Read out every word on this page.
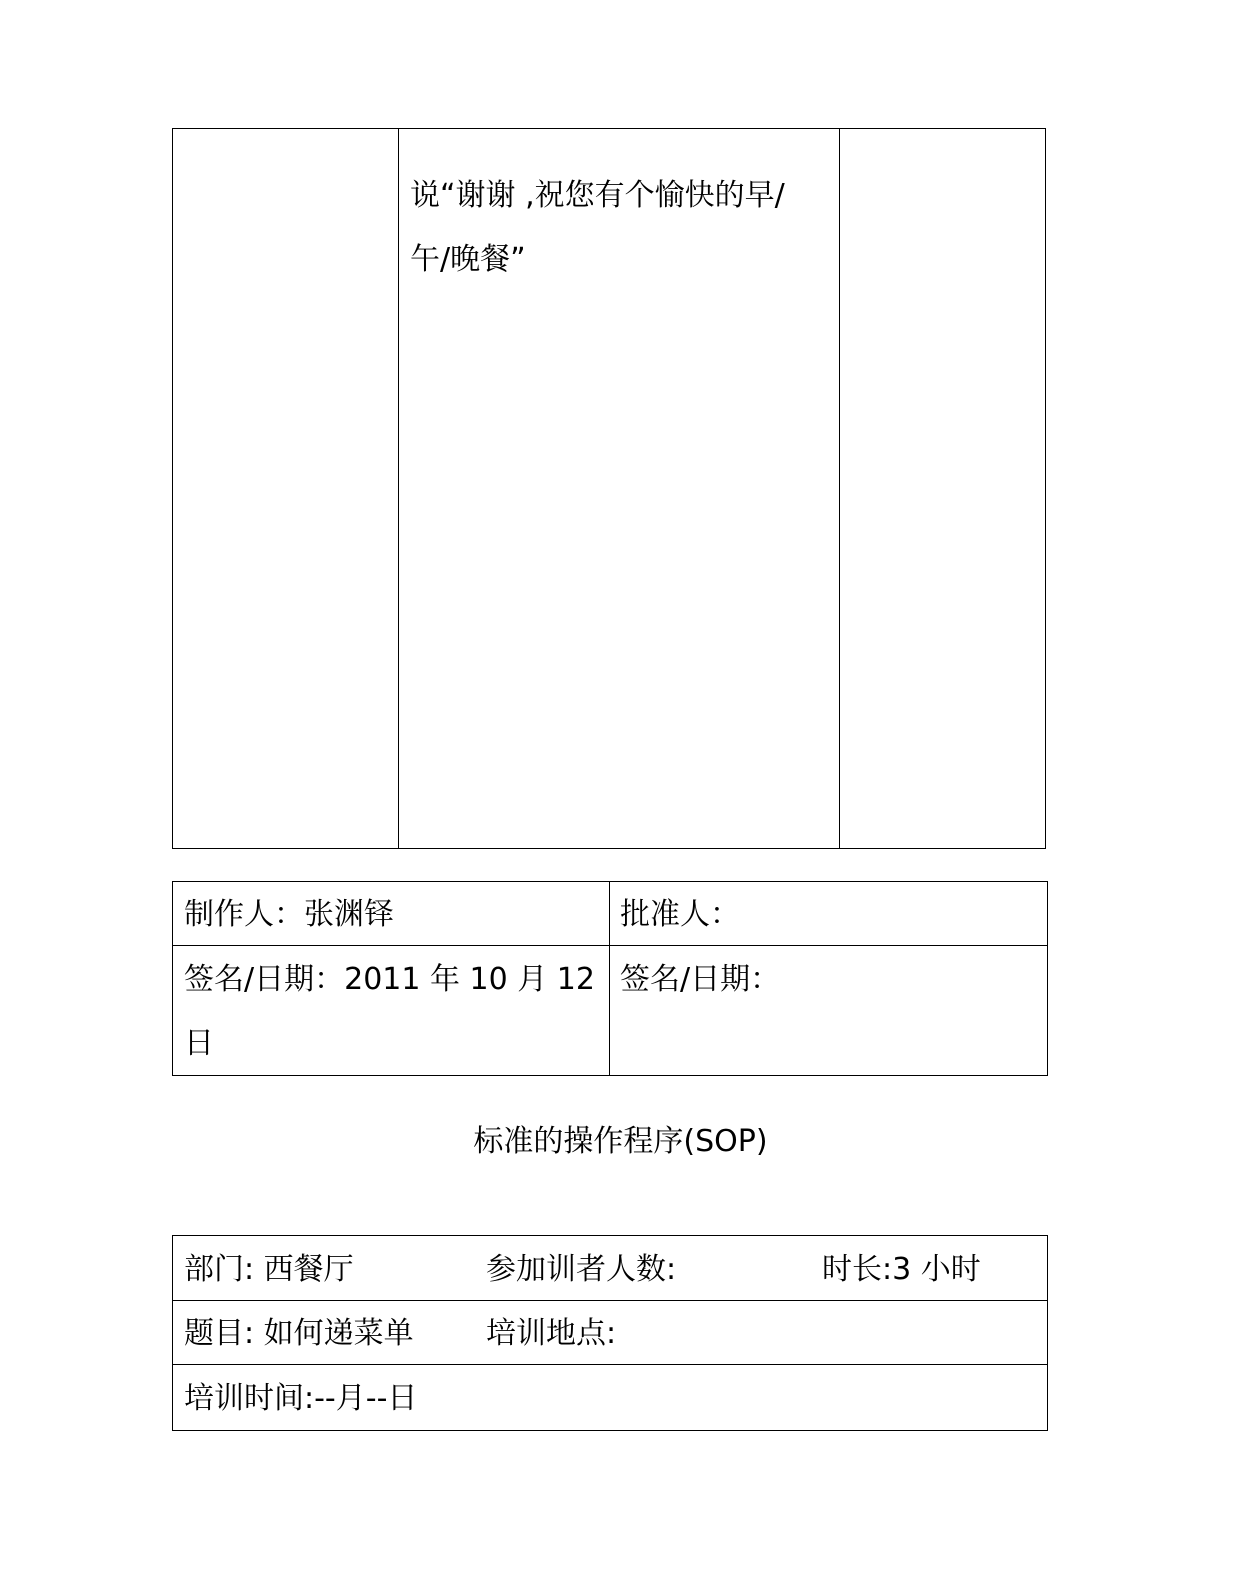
说“谢谢 ,祝您有个愉快的早/
午/晚餐”
制作人：张渊铎	批准人：
签名/日期：2011 年 10 月 12
日
签名/日期：
标准的操作程序(SOP)
部门: 西餐厅	参加训者人数:	时长:3 小时
题目: 如何递菜单 培训地点:
培训时间:--月--日
